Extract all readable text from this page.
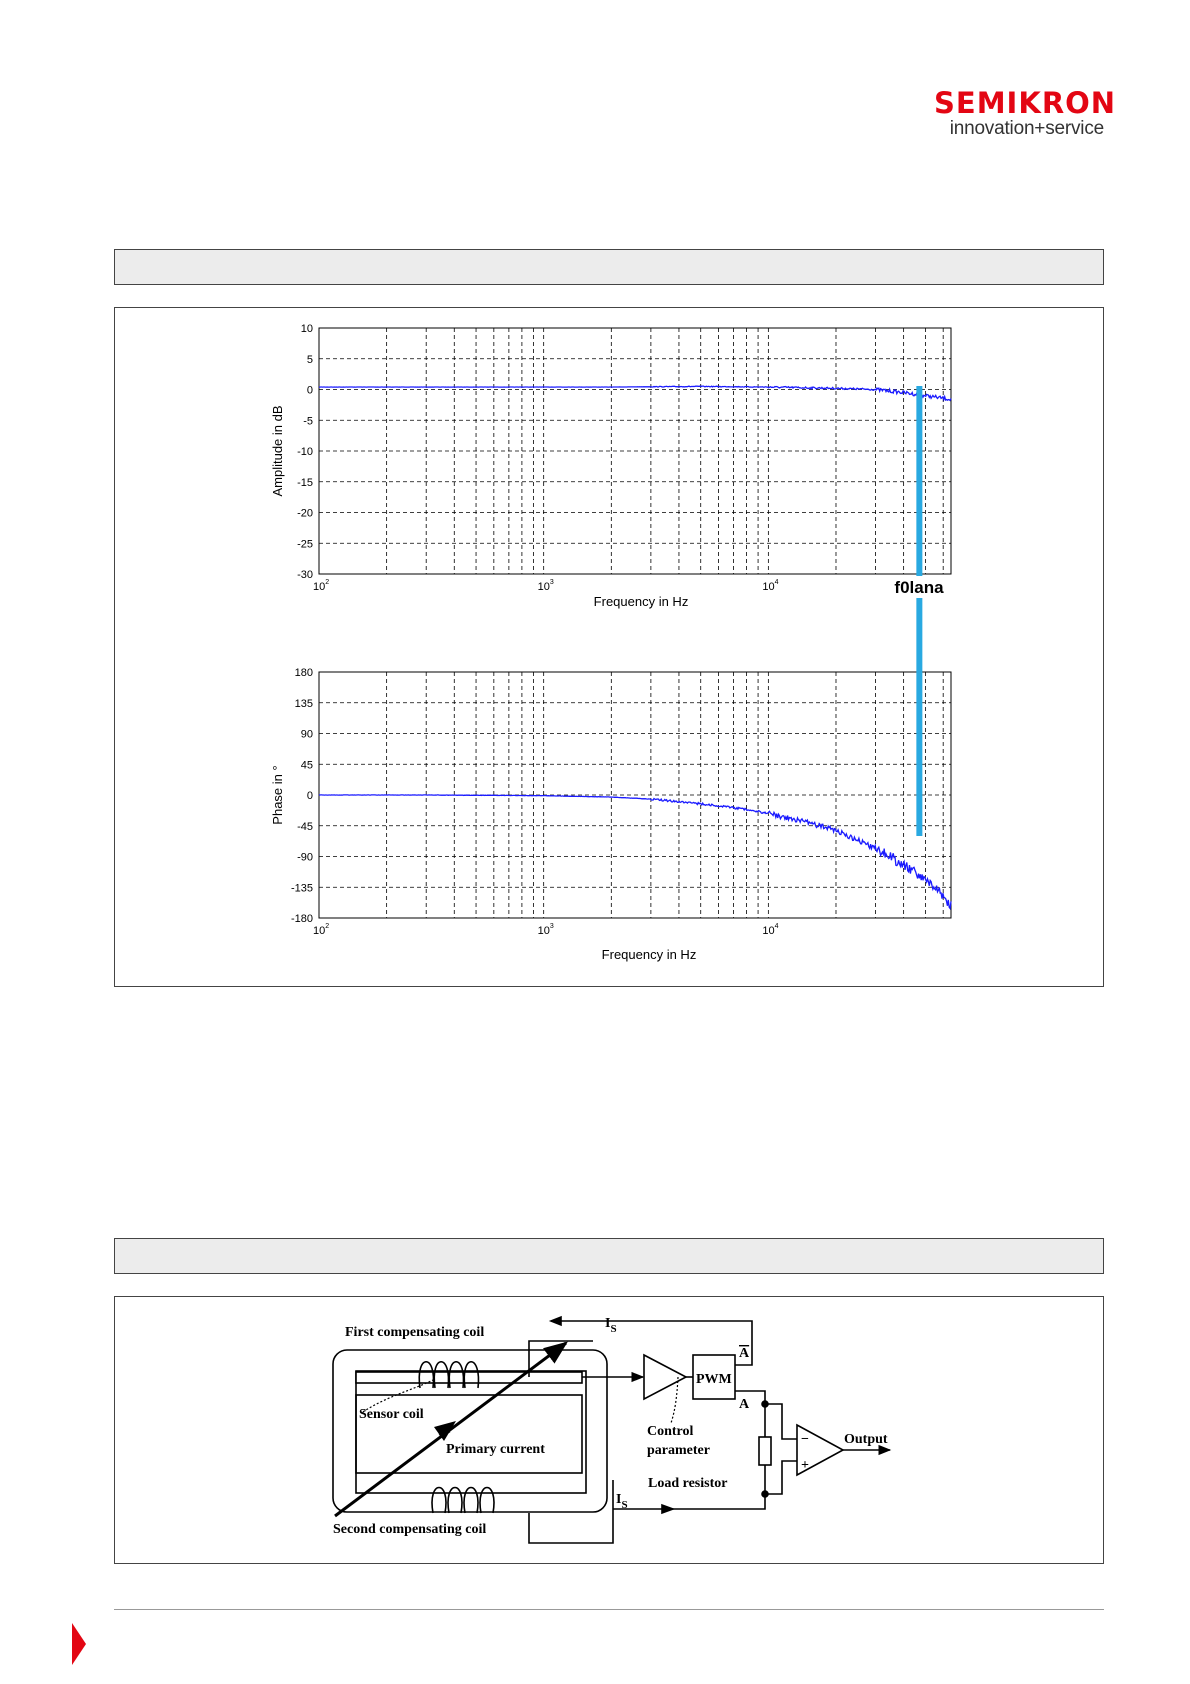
SEMIKRON
innovation+service
10
5
0
-5
-10
-15
-20
-25
-30
$10^2$	$10^3$	$10^4$
Amplitude in dB
Frequency in Hz
180
135
90
45
0
-45
-90
-135
-180
$10^2$	$10^3$	$10^4$
Phase in °
Frequency in Hz
f0lana
First compensating coil
Sensor coil
Primary current
Second compensating coil
Control
parameter
Load resistor
Output
PWM
A
A
$I_S$
$I_S$
−
+
